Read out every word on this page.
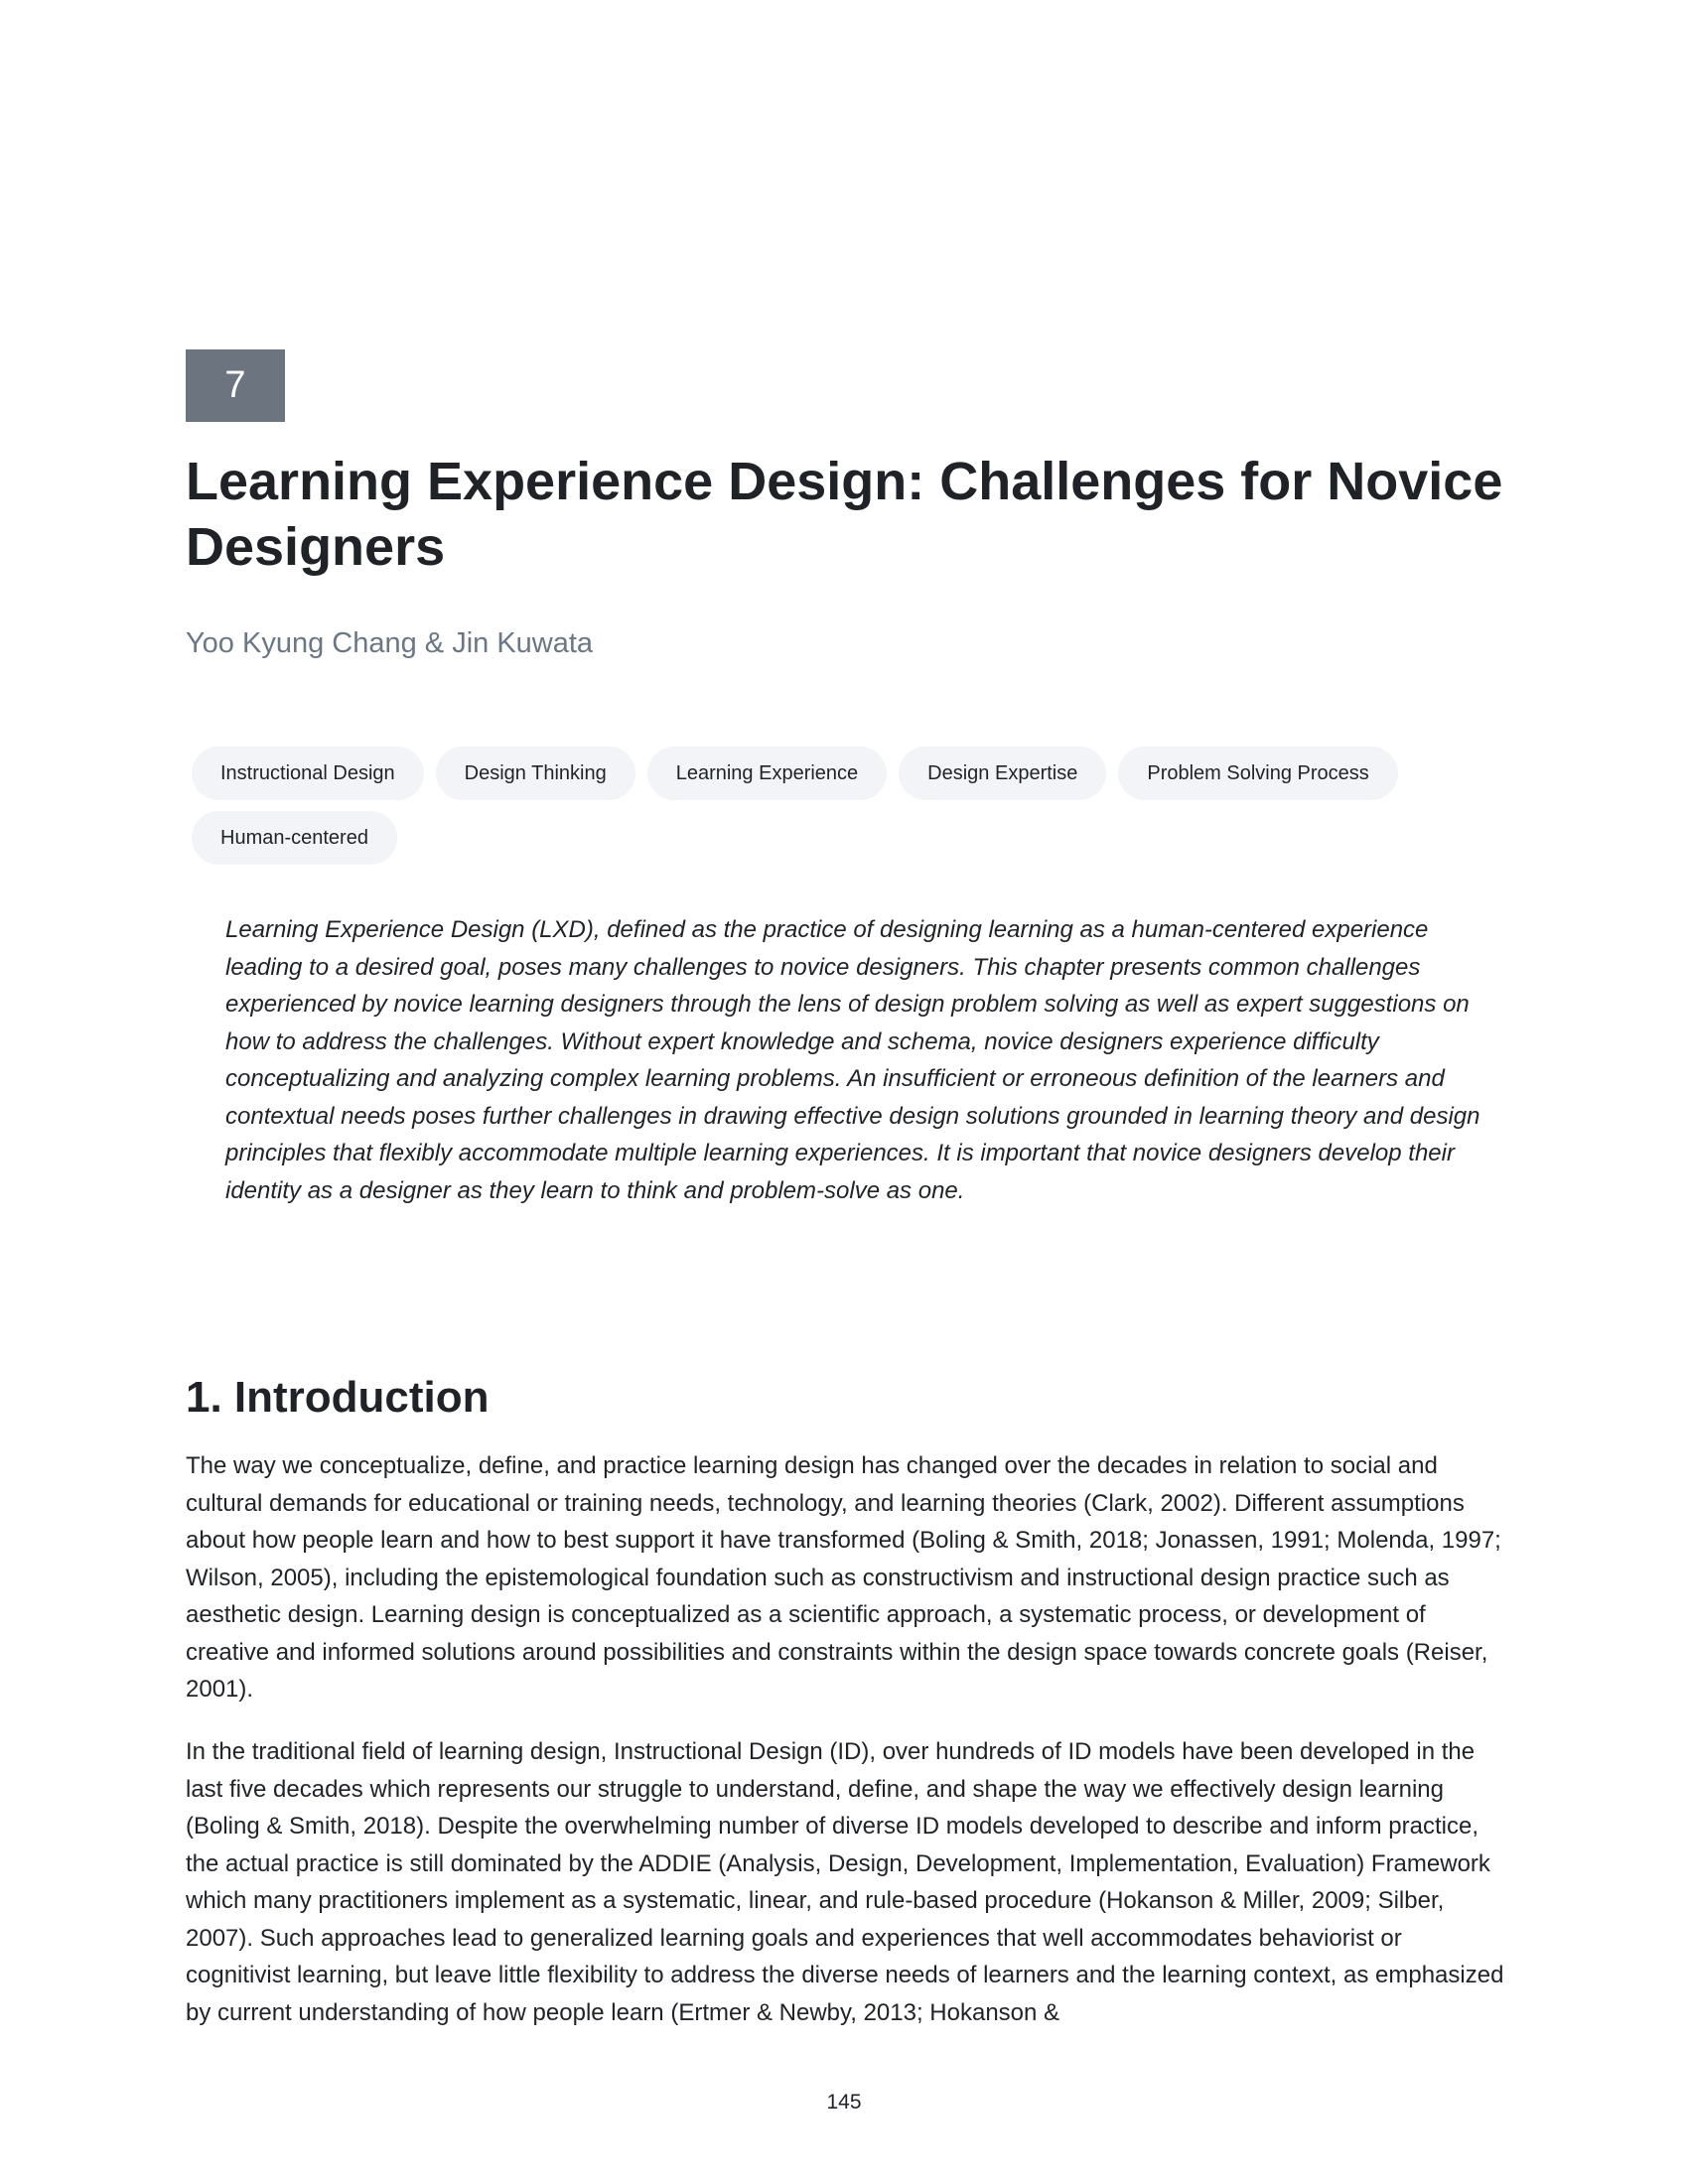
7
Learning Experience Design: Challenges for Novice Designers
Yoo Kyung Chang & Jin Kuwata
Instructional Design	Design Thinking	Learning Experience	Design Expertise	Problem Solving Process
Human-centered

Learning Experience Design (LXD), defined as the practice of designing learning as a human-centered experience leading to a desired goal, poses many challenges to novice designers. This chapter presents common challenges experienced by novice learning designers through the lens of design problem solving as well as expert suggestions on how to address the challenges. Without expert knowledge and schema, novice designers experience difficulty conceptualizing and analyzing complex learning problems. An insufficient or erroneous definition of the learners and contextual needs poses further challenges in drawing effective design solutions grounded in learning theory and design principles that flexibly accommodate multiple learning experiences. It is important that novice designers develop their identity as a designer as they learn to think and problem-solve as one.

1. Introduction

The way we conceptualize, define, and practice learning design has changed over the decades in relation to social and cultural demands for educational or training needs, technology, and learning theories (Clark, 2002). Different assumptions about how people learn and how to best support it have transformed (Boling & Smith, 2018; Jonassen, 1991; Molenda, 1997; Wilson, 2005), including the epistemological foundation such as constructivism and instructional design practice such as aesthetic design. Learning design is conceptualized as a scientific approach, a systematic process, or development of creative and informed solutions around possibilities and constraints within the design space towards concrete goals (Reiser, 2001).

In the traditional field of learning design, Instructional Design (ID), over hundreds of ID models have been developed in the last five decades which represents our struggle to understand, define, and shape the way we effectively design learning (Boling & Smith, 2018). Despite the overwhelming number of diverse ID models developed to describe and inform practice, the actual practice is still dominated by the ADDIE (Analysis, Design, Development, Implementation, Evaluation) Framework which many practitioners implement as a systematic, linear, and rule-based procedure (Hokanson & Miller, 2009; Silber, 2007). Such approaches lead to generalized learning goals and experiences that well accommodates behaviorist or cognitivist learning, but leave little flexibility to address the diverse needs of learners and the learning context, as emphasized by current understanding of how people learn (Ertmer & Newby, 2013; Hokanson &

145
